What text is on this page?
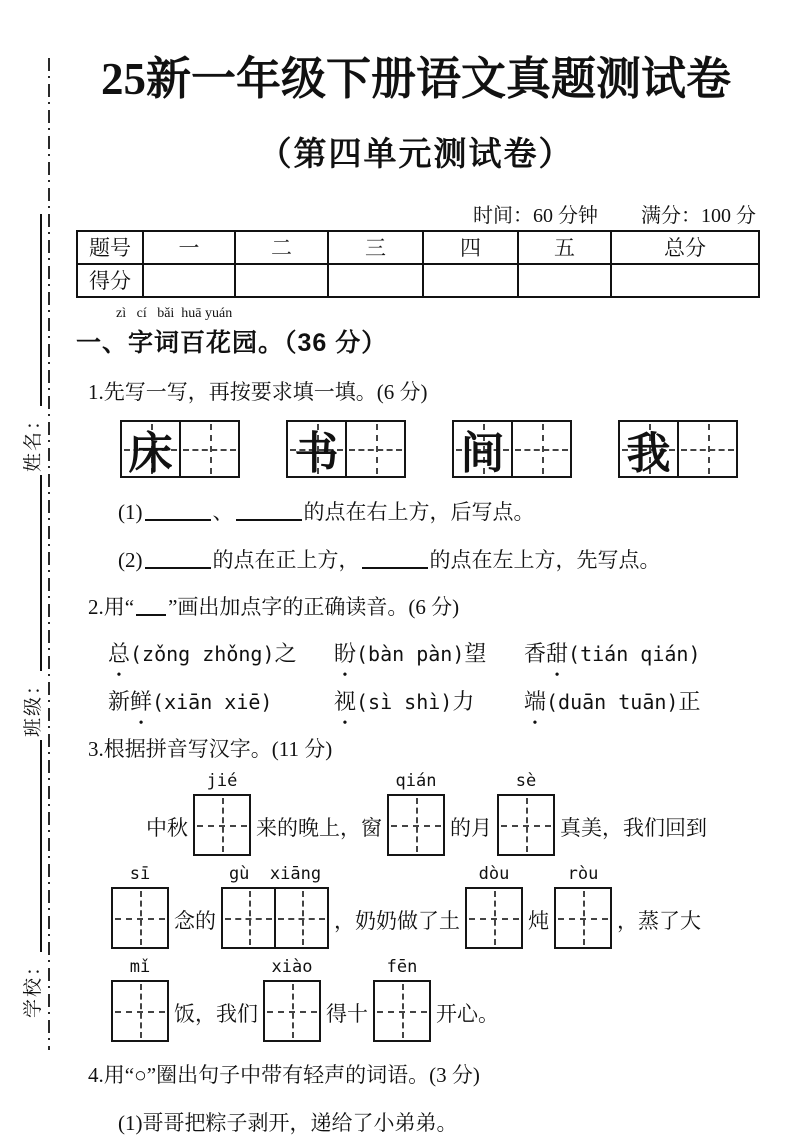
学校：
班级：
姓名：
25新一年级下册语文真题测试卷
（第四单元测试卷）
时间：60 分钟 满分：100 分
题号	一	二	三	四	五	总分
得分						
zì   cí   bǎi  huā yuán
一、字词百花园。（36 分）
1.先写一写，再按要求填一填。(6 分)
床	书	间	我
(1)	、	的点在右上方，后写点。
(2)	的点在正上方，	的点在左上方，先写点。
2.用“ ”画出加点字的正确读音。(6 分)
总(zǒng zhǒng)之	盼(bàn pàn)望	香甜(tián qián)
新鲜(xiān xiē)	视(sì shì)力	端(duān tuān)正
3.根据拼音写汉字。(11 分)
中秋
jié
来的晚上，窗
qián
的月
sè
真美，我们回到
sī
念的
gù  xiāng
，奶奶做了土
dòu
炖
ròu
，蒸了大
mǐ
饭，我们
xiào
得十
fēn
开心。
4.用“○”圈出句子中带有轻声的词语。(3 分)
(1)哥哥把粽子剥开，递给了小弟弟。
